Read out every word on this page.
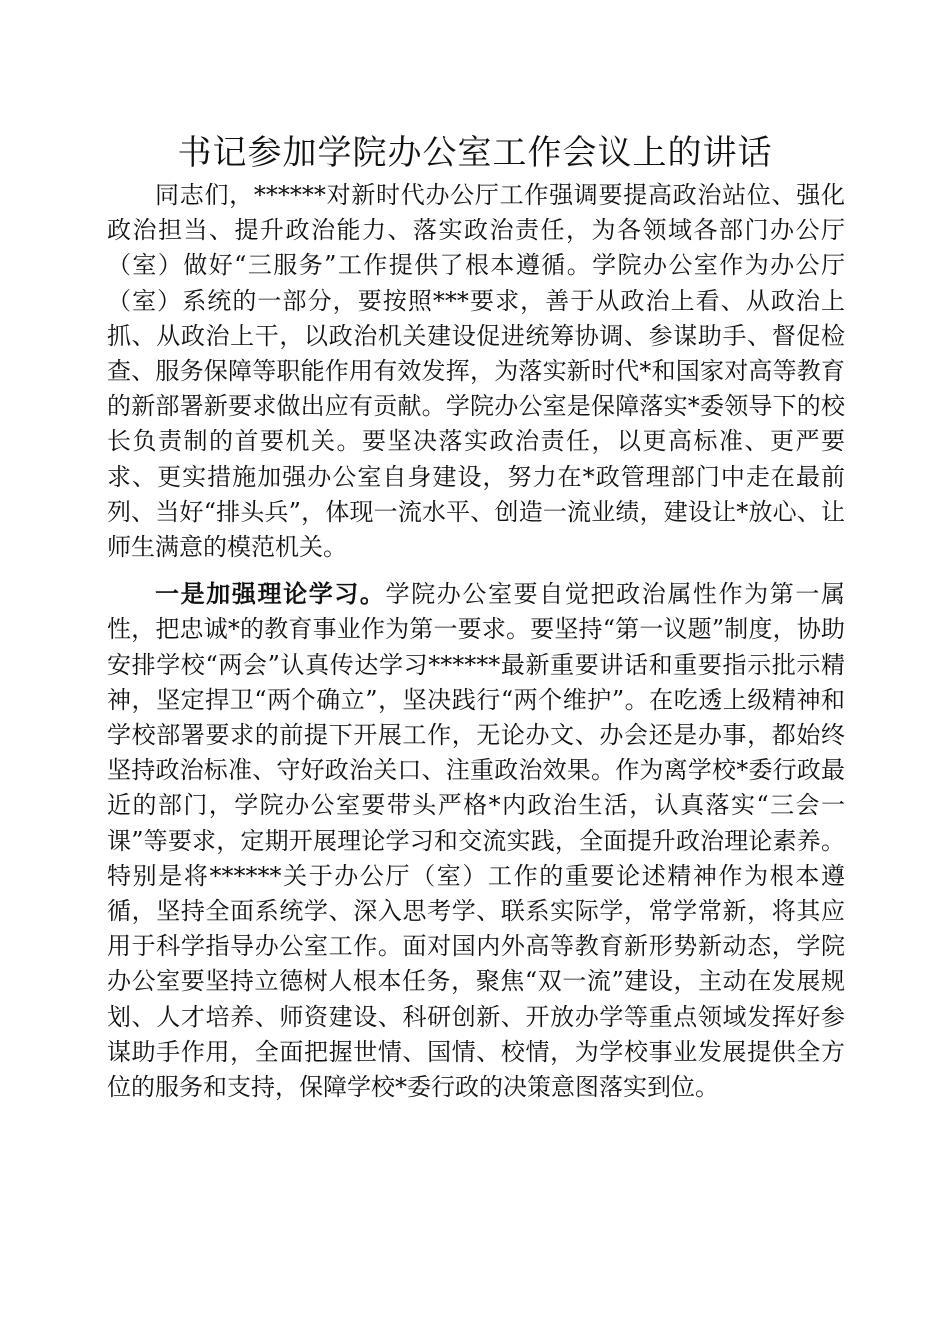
书记参加学院办公室工作会议上的讲话

同志们，******对新时代办公厅工作强调要提高政治站位、强化政治担当、提升政治能力、落实政治责任，为各领域各部门办公厅（室）做好“三服务”工作提供了根本遵循。学院办公室作为办公厅（室）系统的一部分，要按照***要求，善于从政治上看、从政治上抓、从政治上干，以政治机关建设促进统筹协调、参谋助手、督促检查、服务保障等职能作用有效发挥，为落实新时代*和国家对高等教育的新部署新要求做出应有贡献。学院办公室是保障落实*委领导下的校长负责制的首要机关。要坚决落实政治责任，以更高标准、更严要求、更实措施加强办公室自身建设，努力在*政管理部门中走在最前列、当好“排头兵”，体现一流水平、创造一流业绩，建设让*放心、让师生满意的模范机关。

一是加强理论学习。学院办公室要自觉把政治属性作为第一属性，把忠诚*的教育事业作为第一要求。要坚持“第一议题”制度，协助安排学校“两会”认真传达学习******最新重要讲话和重要指示批示精神，坚定捍卫“两个确立”，坚决践行“两个维护”。在吃透上级精神和学校部署要求的前提下开展工作，无论办文、办会还是办事，都始终坚持政治标准、守好政治关口、注重政治效果。作为离学校*委行政最近的部门，学院办公室要带头严格*内政治生活，认真落实“三会一课”等要求，定期开展理论学习和交流实践，全面提升政治理论素养。特别是将******关于办公厅（室）工作的重要论述精神作为根本遵循，坚持全面系统学、深入思考学、联系实际学，常学常新，将其应用于科学指导办公室工作。面对国内外高等教育新形势新动态，学院办公室要坚持立德树人根本任务，聚焦“双一流”建设，主动在发展规划、人才培养、师资建设、科研创新、开放办学等重点领域发挥好参谋助手作用，全面把握世情、国情、校情，为学校事业发展提供全方位的服务和支持，保障学校*委行政的决策意图落实到位。
